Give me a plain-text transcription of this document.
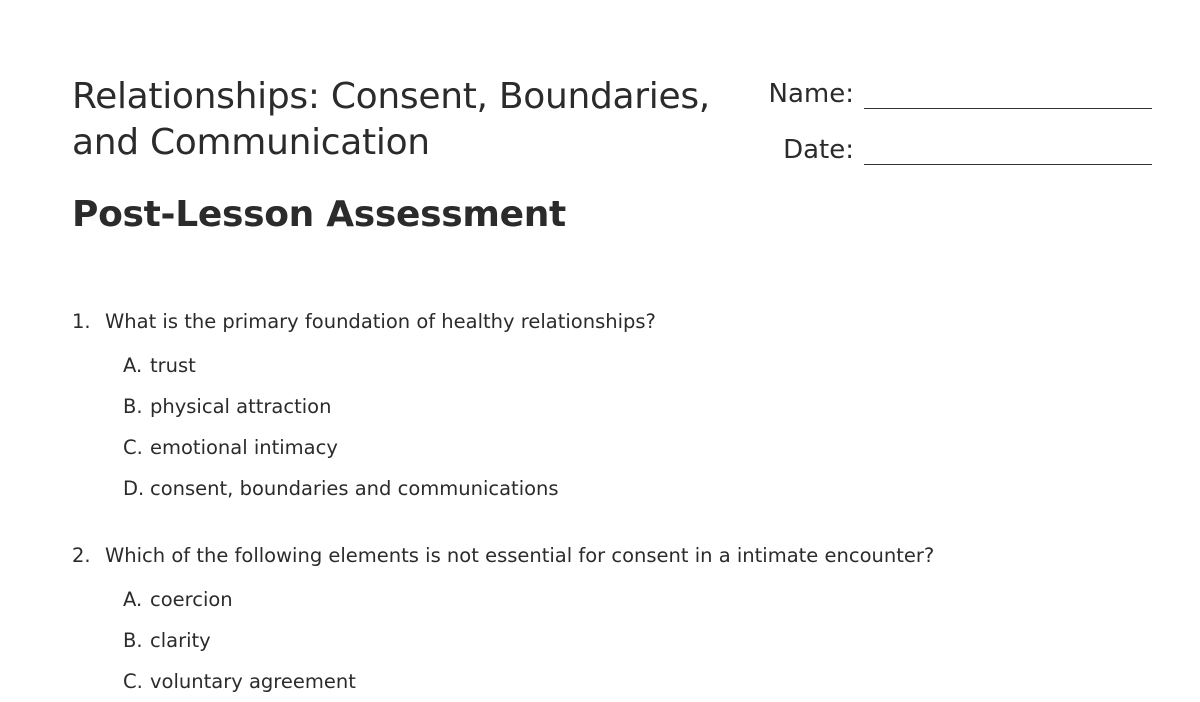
Relationships: Consent, Boundaries, and Communication
Post-Lesson Assessment
Name:
Date:
1. What is the primary foundation of healthy relationships?
A. trust
B. physical attraction
C. emotional intimacy
D. consent, boundaries and communications
2. Which of the following elements is not essential for consent in a intimate encounter?
A. coercion
B. clarity
C. voluntary agreement
